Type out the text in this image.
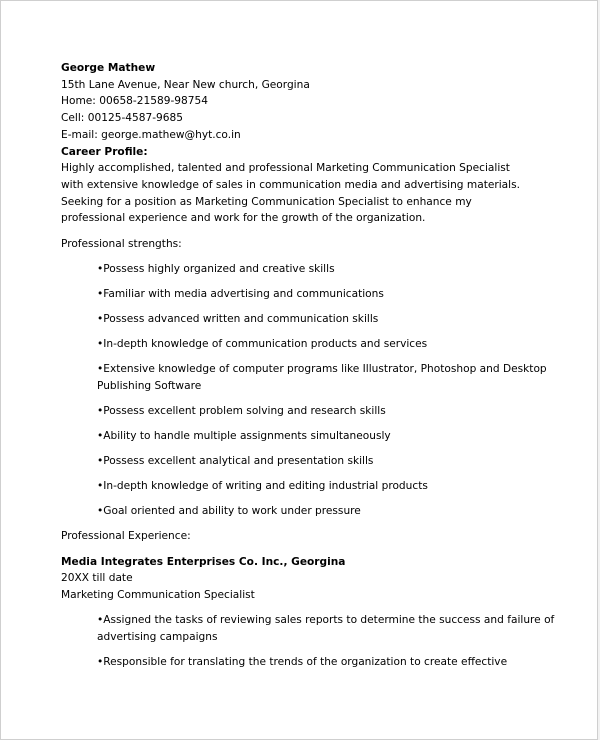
George Mathew
15th Lane Avenue, Near New church, Georgina
Home: 00658-21589-98754
Cell: 00125-4587-9685
E-mail: george.mathew@hyt.co.in
Career Profile:
Highly accomplished, talented and professional Marketing Communication Specialist
with extensive knowledge of sales in communication media and advertising materials.
Seeking for a position as Marketing Communication Specialist to enhance my
professional experience and work for the growth of the organization.
Professional strengths:
•Possess highly organized and creative skills
•Familiar with media advertising and communications
•Possess advanced written and communication skills
•In-depth knowledge of communication products and services
•Extensive knowledge of computer programs like Illustrator, Photoshop and Desktop Publishing Software
•Possess excellent problem solving and research skills
•Ability to handle multiple assignments simultaneously
•Possess excellent analytical and presentation skills
•In-depth knowledge of writing and editing industrial products
•Goal oriented and ability to work under pressure
Professional Experience:
Media Integrates Enterprises Co. Inc., Georgina
20XX till date
Marketing Communication Specialist
•Assigned the tasks of reviewing sales reports to determine the success and failure of advertising campaigns
•Responsible for translating the trends of the organization to create effective
